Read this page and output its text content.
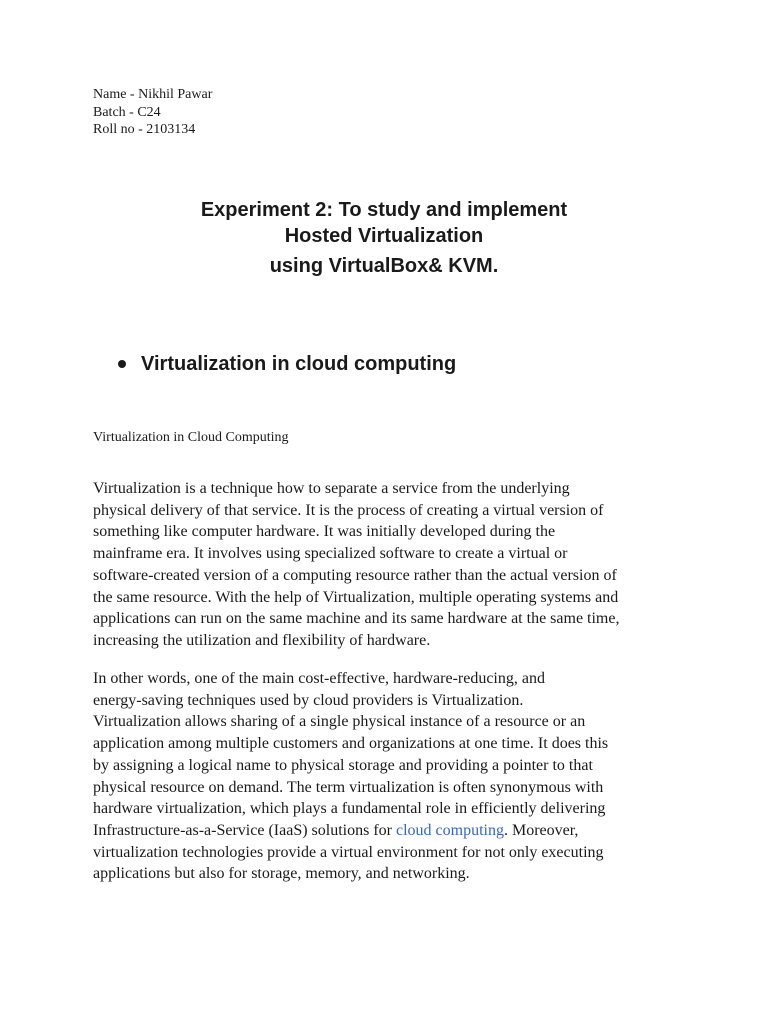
Name - Nikhil Pawar
Batch - C24
Roll no - 2103134
Experiment 2: To study and implement
Hosted Virtualization
using VirtualBox& KVM.
Virtualization in cloud computing
Virtualization in Cloud Computing
Virtualization is a technique how to separate a service from the underlying
physical delivery of that service. It is the process of creating a virtual version of
something like computer hardware. It was initially developed during the
mainframe era. It involves using specialized software to create a virtual or
software-created version of a computing resource rather than the actual version of
the same resource. With the help of Virtualization, multiple operating systems and
applications can run on the same machine and its same hardware at the same time,
increasing the utilization and flexibility of hardware.
In other words, one of the main cost-effective, hardware-reducing, and
energy-saving techniques used by cloud providers is Virtualization.
Virtualization allows sharing of a single physical instance of a resource or an
application among multiple customers and organizations at one time. It does this
by assigning a logical name to physical storage and providing a pointer to that
physical resource on demand. The term virtualization is often synonymous with
hardware virtualization, which plays a fundamental role in efficiently delivering
Infrastructure-as-a-Service (IaaS) solutions for cloud computing. Moreover,
virtualization technologies provide a virtual environment for not only executing
applications but also for storage, memory, and networking.
